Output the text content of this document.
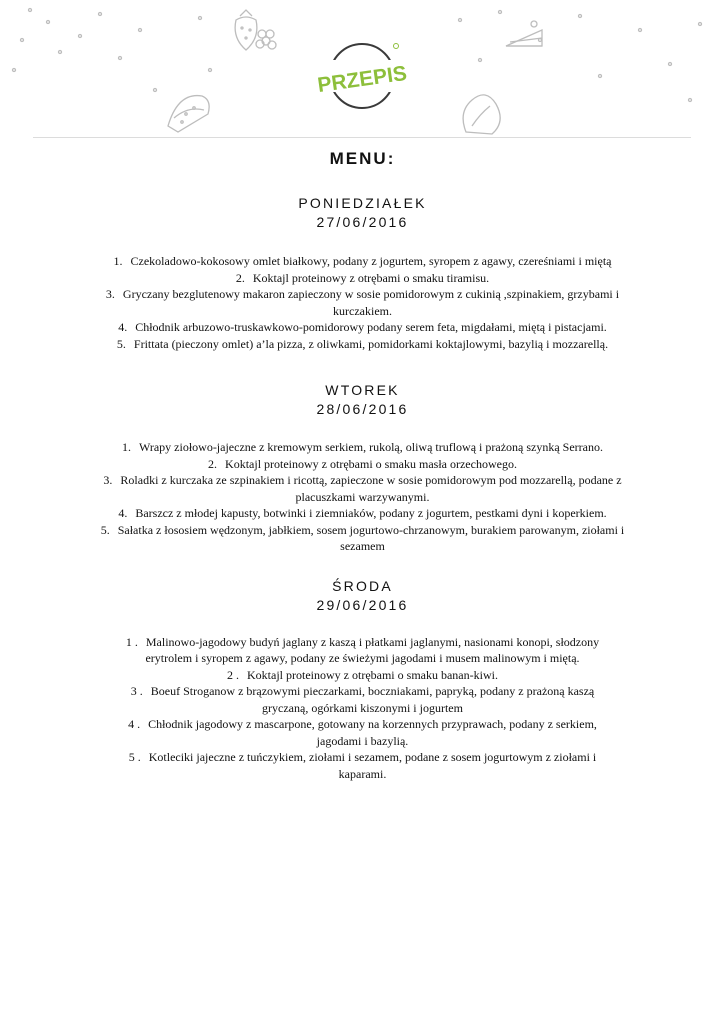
PRZEPIS
MENU:

PONIEDZIAŁEK

27/06/2016

1. Czekoladowo-kokosowy omlet białkowy, podany z jogurtem, syropem z agawy, czereśniami i miętą
2. Koktajl proteinowy z otrębami o smaku tiramisu.
3. Gryczany bezglutenowy makaron zapieczony w sosie pomidorowym z cukinią ,szpinakiem, grzybami i kurczakiem.
4. Chłodnik arbuzowo-truskawkowo-pomidorowy podany serem feta, migdałami, miętą i pistacjami.
5. Frittata (pieczony omlet) a’la pizza, z oliwkami, pomidorkami koktajlowymi, bazylią i mozzarellą.

WTOREK

28/06/2016

1. Wrapy ziołowo-jajeczne z kremowym serkiem, rukolą, oliwą truflową i prażoną szynką Serrano.
2. Koktajl proteinowy z otrębami o smaku masła orzechowego.
3. Roladki z kurczaka ze szpinakiem i ricottą, zapieczone w sosie pomidorowym pod mozzarellą, podane z placuszkami warzywanymi.
4. Barszcz z młodej kapusty, botwinki i ziemniaków, podany z jogurtem, pestkami dyni i koperkiem.
5. Sałatka z łososiem wędzonym, jabłkiem, sosem jogurtowo-chrzanowym, burakiem parowanym, ziołami i sezamem

ŚRODA

29/06/2016

1 . Malinowo-jagodowy budyń jaglany z kaszą i płatkami jaglanymi, nasionami konopi, słodzony erytrolem i syropem z agawy, podany ze świeżymi jagodami i musem malinowym i miętą.
2 . Koktajl proteinowy z otrębami o smaku banan-kiwi.
3 . Boeuf Stroganow z brązowymi pieczarkami, boczniakami, papryką, podany z prażoną kaszą gryczaną, ogórkami kiszonymi i jogurtem
4 . Chłodnik jagodowy z mascarpone, gotowany na korzennych przyprawach, podany z serkiem, jagodami i bazylią.
5 . Kotleciki jajeczne z tuńczykiem, ziołami i sezamem, podane z sosem jogurtowym z ziołami i kaparami.
